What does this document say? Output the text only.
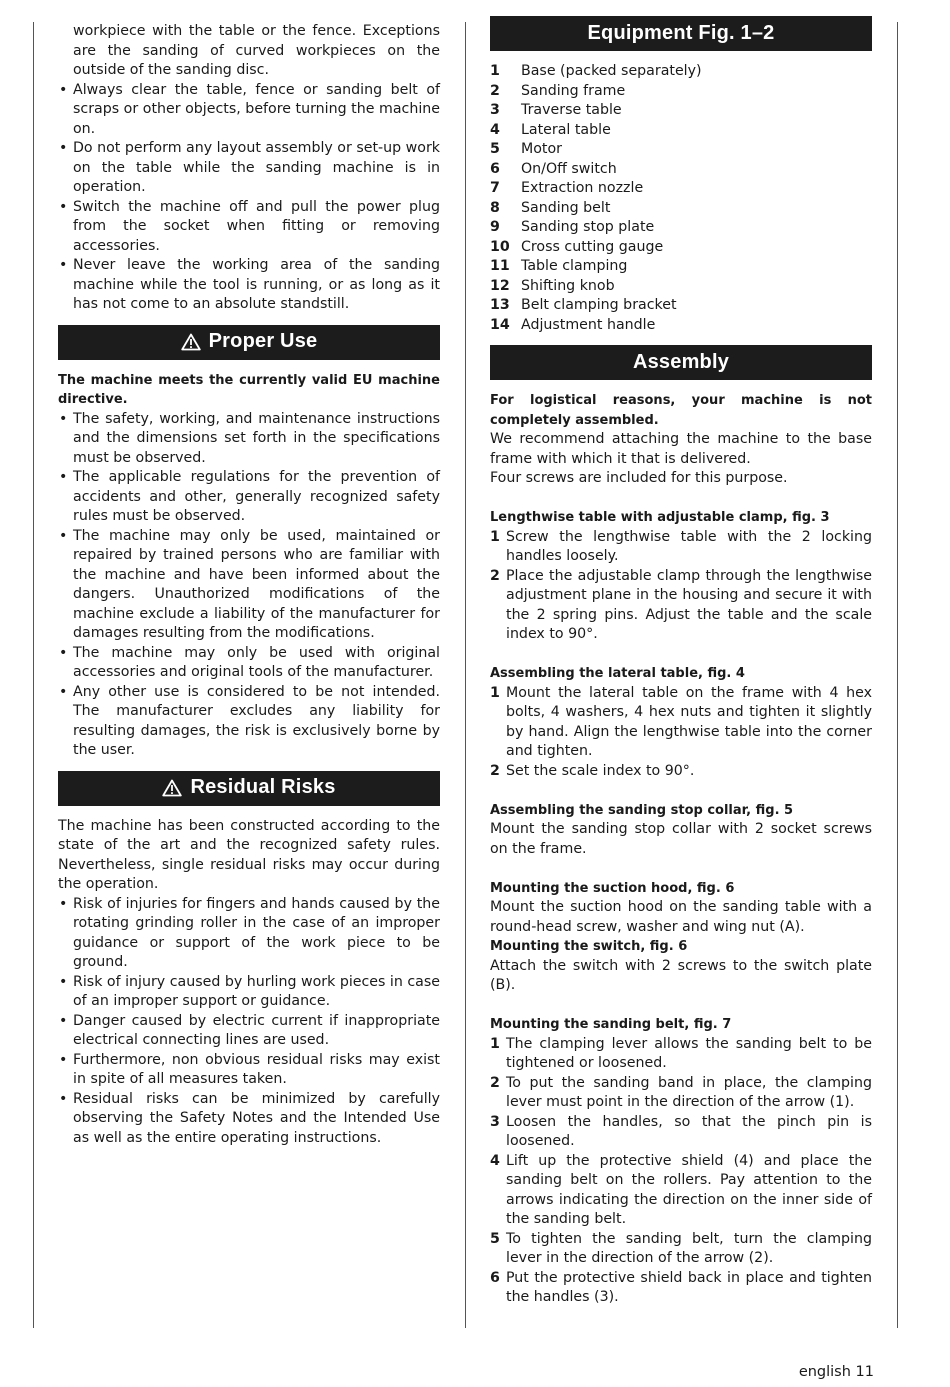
workpiece with the table or the fence. Exceptions are the sanding of curved workpieces on the outside of the sanding disc.

• Always clear the table, fence or sanding belt of scraps or other objects, before turning the machine on.
• Do not perform any layout assembly or set-up work on the table while the sanding machine is in operation.
• Switch the machine off and pull the power plug from the socket when fitting or removing accessories.
• Never leave the working area of the sanding machine while the tool is running, or as long as it has not come to an absolute standstill.
Proper Use

The machine meets the currently valid EU machine directive.

• The safety, working, and maintenance instructions and the dimensions set forth in the specifications must be observed.
• The applicable regulations for the prevention of accidents and other, generally recognized safety rules must be observed.
• The machine may only be used, maintained or repaired by trained persons who are familiar with the machine and have been informed about the dangers. Unauthorized modifications of the machine exclude a liability of the manufacturer for damages resulting from the modifications.
• The machine may only be used with original accessories and original tools of the manufacturer.
• Any other use is considered to be not intended. The manufacturer excludes any liability for resulting damages, the risk is exclusively borne by the user.
Residual Risks

The machine has been constructed according to the state of the art and the recognized safety rules. Nevertheless, single residual risks may occur during the operation.

• Risk of injuries for fingers and hands caused by the rotating grinding roller in the case of an improper guidance or support of the work piece to be ground.
• Risk of injury caused by hurling work pieces in case of an improper support or guidance.
• Danger caused by electric current if inappropriate electrical connecting lines are used.
• Furthermore, non obvious residual risks may exist in spite of all measures taken.
• Residual risks can be minimized by carefully observing the Safety Notes and the Intended Use as well as the entire operating instructions.
Equipment Fig. 1–2
1	Base (packed separately)
2	Sanding frame
3	Traverse table
4	Lateral table
5	Motor
6	On/Off switch
7	Extraction nozzle
8	Sanding belt
9	Sanding stop plate
10 Cross cutting gauge
11 Table clamping
12 Shifting knob
13 Belt clamping bracket
14 Adjustment handle
Assembly

For logistical reasons, your machine is not completely assembled.

We recommend attaching the machine to the base frame with which it that is delivered.

Four screws are included for this purpose.

Lengthwise table with adjustable clamp, fig. 3

1 Screw the lengthwise table with the 2 locking handles loosely.
2 Place the adjustable clamp through the lengthwise adjustment plane in the housing and secure it with the 2 spring pins. Adjust the table and the scale index to 90°.

Assembling the lateral table, fig. 4

1 Mount the lateral table on the frame with 4 hex bolts, 4 washers, 4 hex nuts and tighten it slightly by hand. Align the lengthwise table into the corner and tighten.
2 Set the scale index to 90°.

Assembling the sanding stop collar, fig. 5

Mount the sanding stop collar with 2 socket screws on the frame.

Mounting the suction hood, fig. 6

Mount the suction hood on the sanding table with a round-head screw, washer and wing nut (A).

Mounting the switch, fig. 6

Attach the switch with 2 screws to the switch plate (B).

Mounting the sanding belt, fig. 7

1 The clamping lever allows the sanding belt to be tightened or loosened.
2 To put the sanding band in place, the clamping lever must point in the direction of the arrow (1).
3 Loosen the handles, so that the pinch pin is loosened.
4 Lift up the protective shield (4) and place the sanding belt on the rollers. Pay attention to the arrows indicating the direction on the inner side of the sanding belt.
5 To tighten the sanding belt, turn the clamping lever in the direction of the arrow (2).
6 Put the protective shield back in place and tighten the handles (3).
english 11
